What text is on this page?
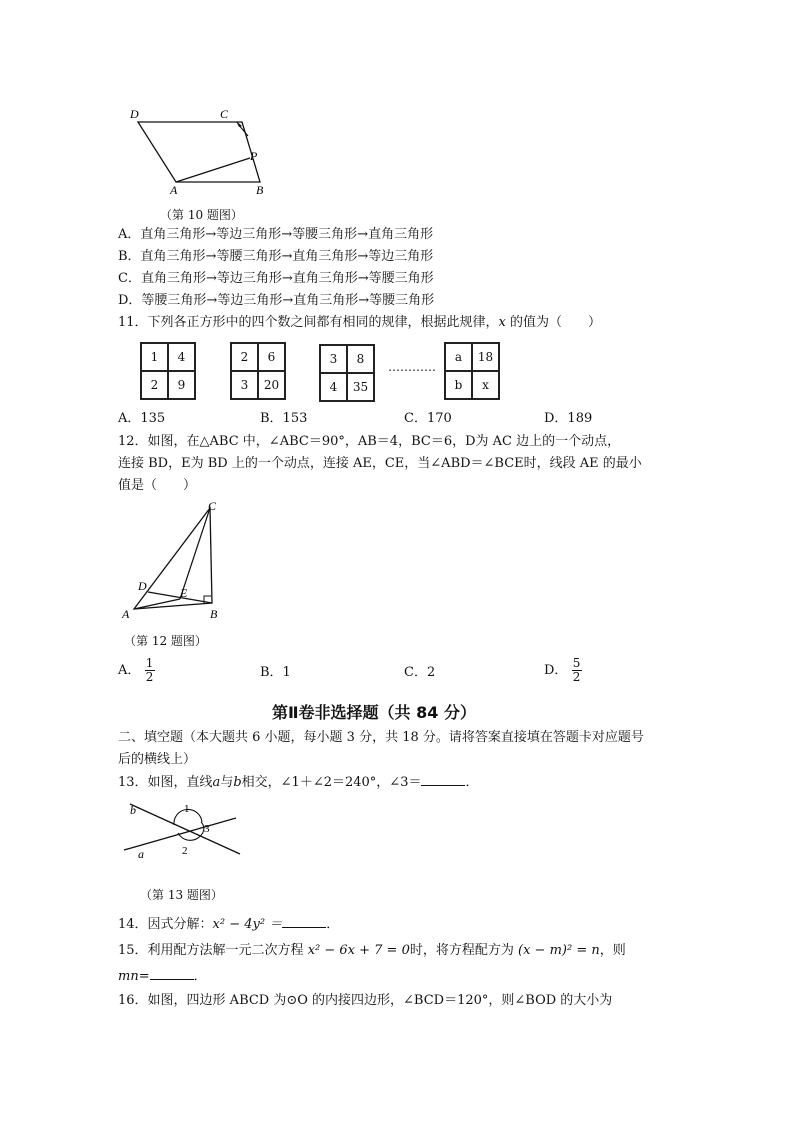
D	C
P
A	B
（第 10 题图）
A．直角三角形→等边三角形→等腰三角形→直角三角形
B．直角三角形→等腰三角形→直角三角形→等边三角形
C．直角三角形→等边三角形→直角三角形→等腰三角形
D．等腰三角形→等边三角形→直角三角形→等腰三角形
11．下列各正方形中的四个数之间都有相同的规律，根据此规律，x 的值为（　　）
1	4
2	9
2	6
3	20
3	8
4	35
…………
a	18
b	x
A．135	B．153	C．170	D．189
12．如图，在△ABC 中，∠ABC＝90°，AB＝4，BC＝6，D为 AC 边上的一个动点，
连接 BD，E为 BD 上的一个动点，连接 AE，CE，当∠ABD＝∠BCE时，线段 AE 的最小
值是（　　）
C
D	E
A	B
（第 12 题图）
A． $\frac{1}{2}$	B．1	C．2	D． $\frac{5}{2}$
第Ⅱ卷非选择题（共 84 分）
二、填空题（本大题共 6 小题，每小题 3 分，共 18 分。请将答案直接填在答题卡对应题号
后的横线上）
13．如图，直线a与b相交，∠1＋∠2＝240°，∠3＝	．
b	1
3
a	2
（第 13 题图）
14．因式分解：x² − 4y² ＝	．
15．利用配方法解一元二次方程 x² − 6x + 7 = 0时，将方程配方为 (x − m)² = n，则
mn=	．
16．如图，四边形 ABCD 为⊙O 的内接四边形，∠BCD＝120°，则∠BOD 的大小为
